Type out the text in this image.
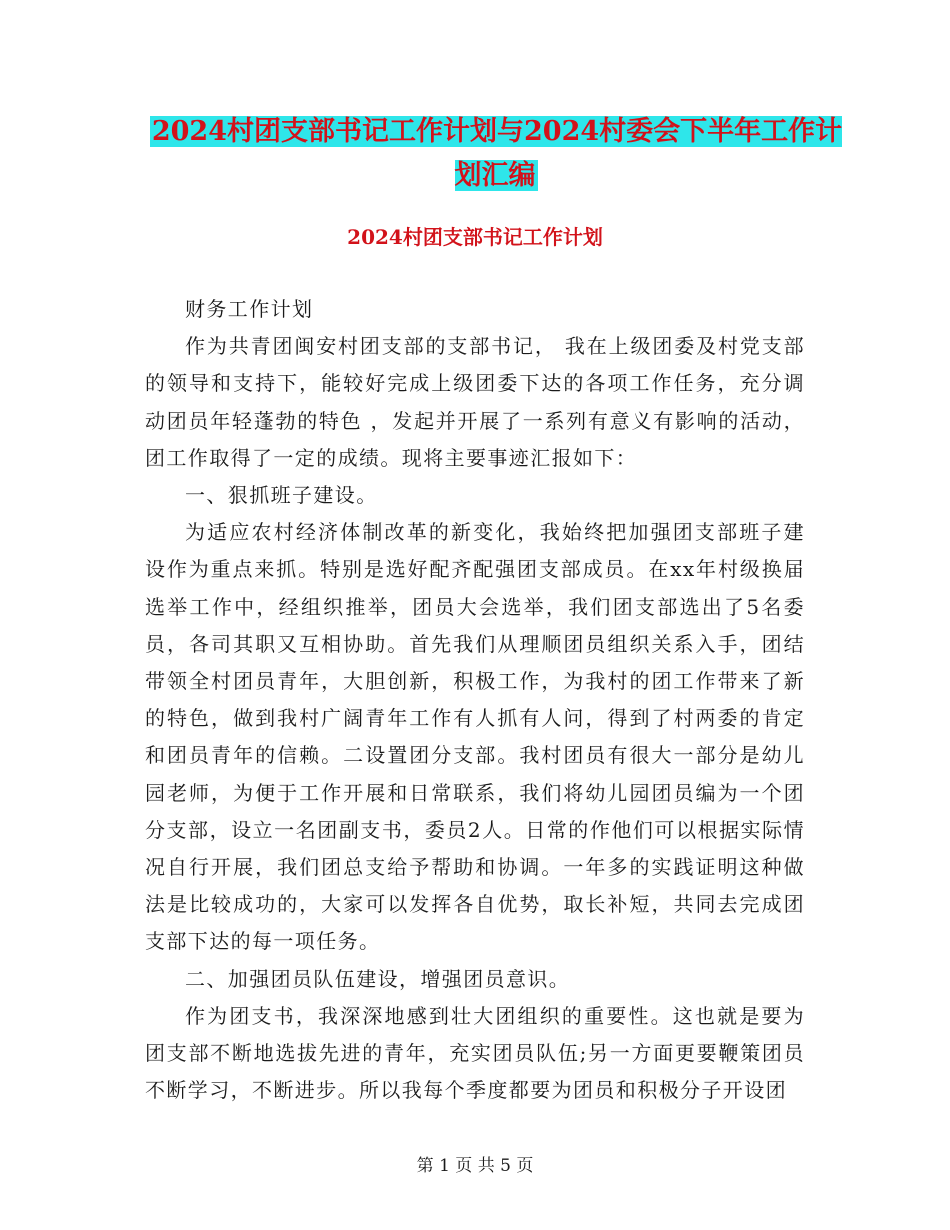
2024村团支部书记工作计划与2024村委会下半年工作计划汇编
2024村团支部书记工作计划

财务工作计划

作为共青团闽安村团支部的支部书记， 我在上级团委及村党支部的领导和支持下，能较好完成上级团委下达的各项工作任务，充分调动团员年轻蓬勃的特色 ，发起并开展了一系列有意义有影响的活动，团工作取得了一定的成绩。现将主要事迹汇报如下：

一、狠抓班子建设。

为适应农村经济体制改革的新变化，我始终把加强团支部班子建设作为重点来抓。特别是选好配齐配强团支部成员。在xx年村级换届选举工作中，经组织推举，团员大会选举，我们团支部选出了5名委员，各司其职又互相协助。首先我们从理顺团员组织关系入手，团结带领全村团员青年，大胆创新，积极工作，为我村的团工作带来了新的特色，做到我村广阔青年工作有人抓有人问，得到了村两委的肯定和团员青年的信赖。二设置团分支部。我村团员有很大一部分是幼儿园老师，为便于工作开展和日常联系，我们将幼儿园团员编为一个团分支部，设立一名团副支书，委员2人。日常的作他们可以根据实际情况自行开展，我们团总支给予帮助和协调。一年多的实践证明这种做法是比较成功的，大家可以发挥各自优势，取长补短，共同去完成团支部下达的每一项任务。

二、加强团员队伍建设，增强团员意识。

作为团支书，我深深地感到壮大团组织的重要性。这也就是要为团支部不断地选拔先进的青年，充实团员队伍;另一方面更要鞭策团员不断学习，不断进步。所以我每个季度都要为团员和积极分子开设团

第 1 页 共 5 页
